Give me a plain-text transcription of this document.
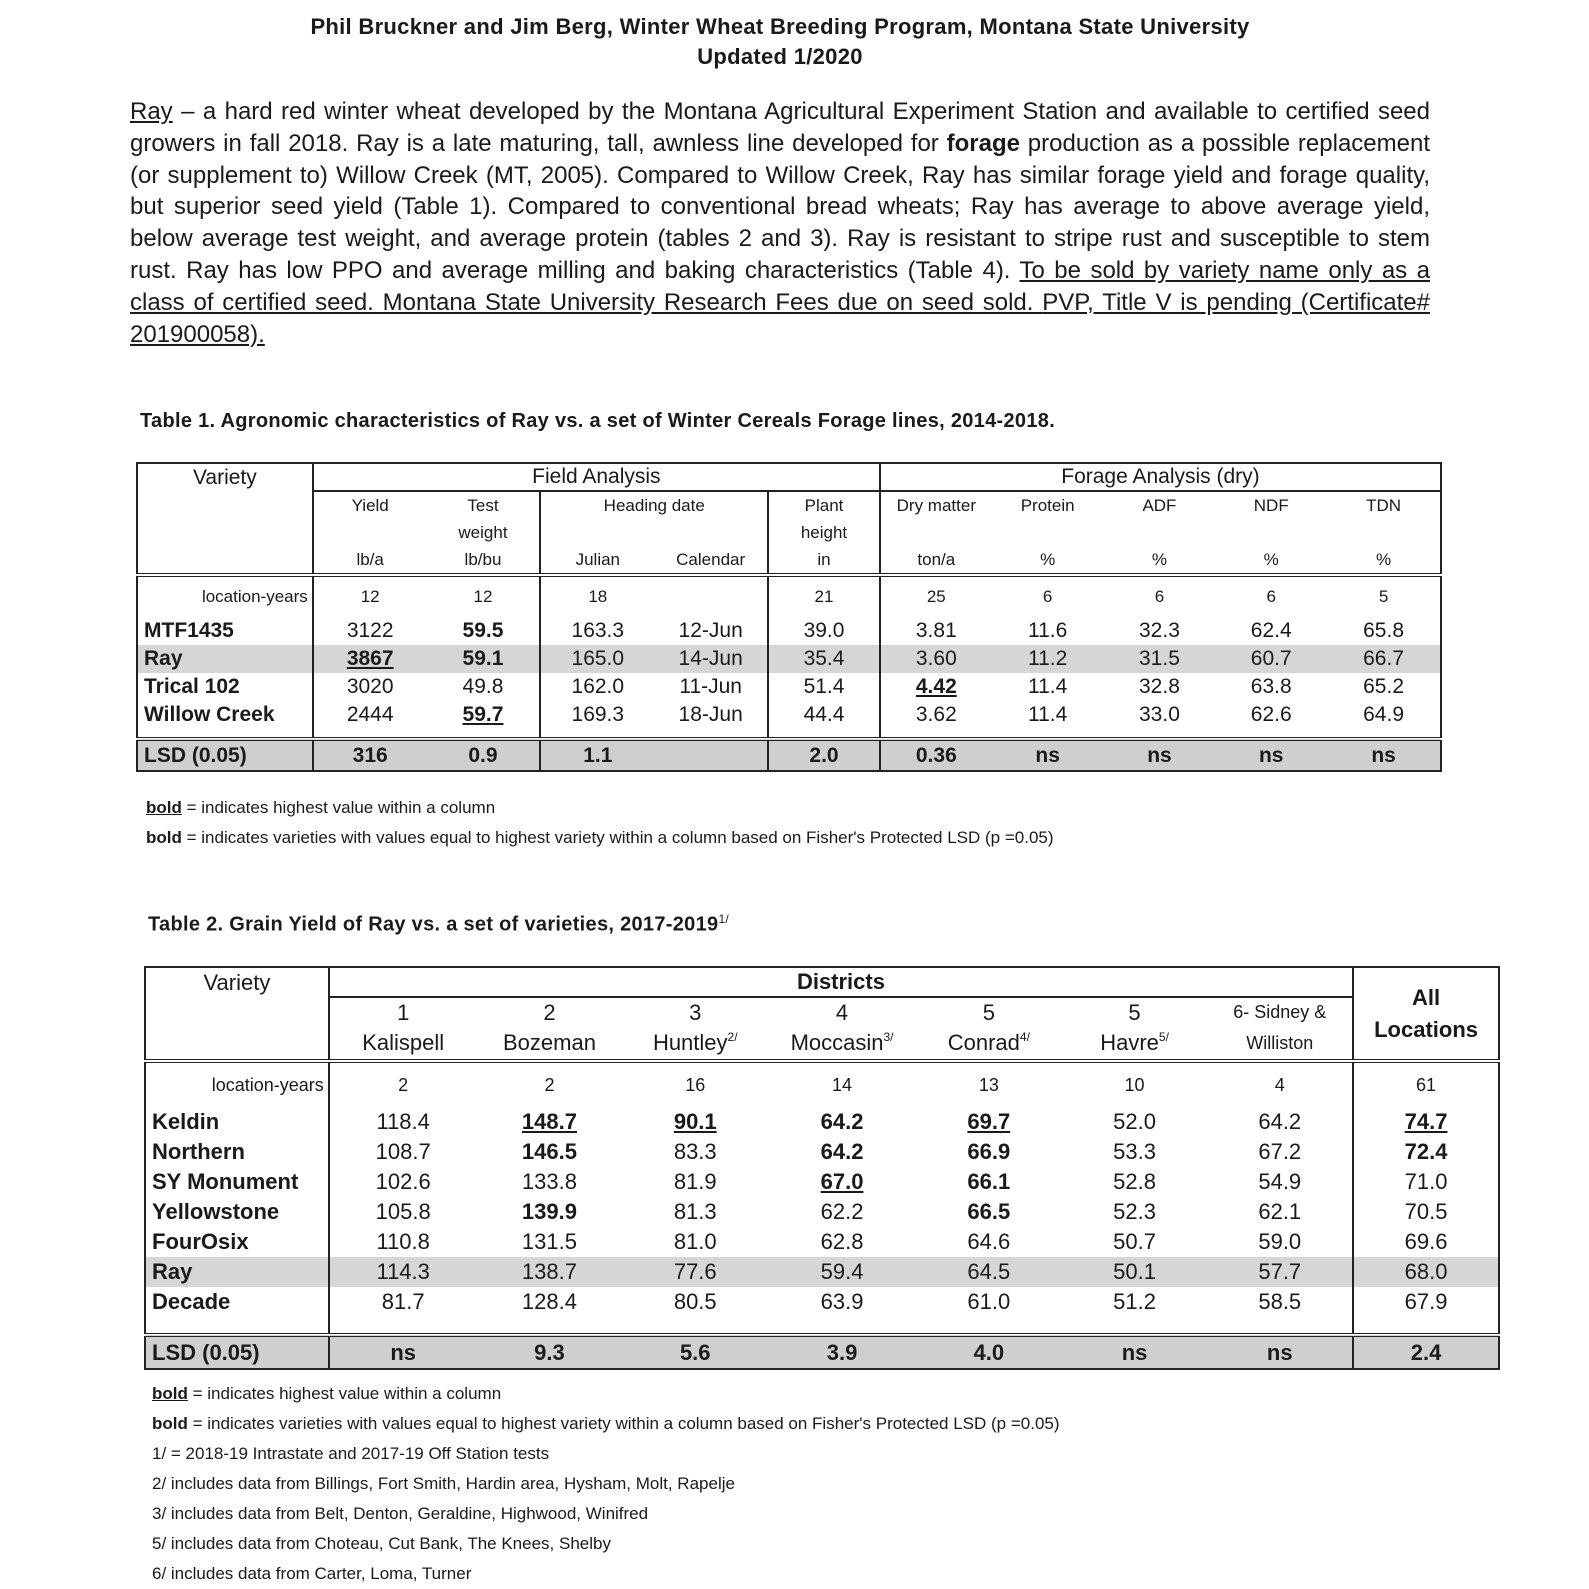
Phil Bruckner and Jim Berg, Winter Wheat Breeding Program, Montana State University
Updated 1/2020
Ray – a hard red winter wheat developed by the Montana Agricultural Experiment Station and available to certified seed growers in fall 2018. Ray is a late maturing, tall, awnless line developed for forage production as a possible replacement (or supplement to) Willow Creek (MT, 2005). Compared to Willow Creek, Ray has similar forage yield and forage quality, but superior seed yield (Table 1). Compared to conventional bread wheats; Ray has average to above average yield, below average test weight, and average protein (tables 2 and 3). Ray is resistant to stripe rust and susceptible to stem rust. Ray has low PPO and average milling and baking characteristics (Table 4). To be sold by variety name only as a class of certified seed. Montana State University Research Fees due on seed sold. PVP, Title V is pending (Certificate# 201900058).
Table 1. Agronomic characteristics of Ray vs. a set of Winter Cereals Forage lines, 2014-2018.
Variety	Field Analysis					Forage Analysis (dry)				
	Yield	Test	Heading date		Plant	Dry matter	Protein	ADF	NDF	TDN
		weight			height					
	lb/a	lb/bu	Julian	Calendar	in	ton/a	%	%	%	%
location-years	12	12	18		21	25	6	6	6	5
MTF1435	3122	59.5	163.3	12-Jun	39.0	3.81	11.6	32.3	62.4	65.8
Ray	3867	59.1	165.0	14-Jun	35.4	3.60	11.2	31.5	60.7	66.7
Trical 102	3020	49.8	162.0	11-Jun	51.4	4.42	11.4	32.8	63.8	65.2
Willow Creek	2444	59.7	169.3	18-Jun	44.4	3.62	11.4	33.0	62.6	64.9

LSD (0.05)	316	0.9	1.1		2.0	0.36	ns	ns	ns	ns
bold = indicates highest value within a column
bold = indicates varieties with values equal to highest variety within a column based on Fisher's Protected LSD (p =0.05)
Table 2. Grain Yield of Ray vs. a set of varieties, $2017-2019^{1/}$
Variety	Districts							All
Locations

	1	2	3	4	5	5	6- Sidney &	
	Kalispell	Bozeman	Huntley$^{2/}$	Moccasin$^{3/}$	Conrad$^{4/}$	Havre$^{5/}$	Williston	
location-years	2	2	16	14	13	10	4	61
Keldin	118.4	148.7	90.1	64.2	69.7	52.0	64.2	74.7
Northern	108.7	146.5	83.3	64.2	66.9	53.3	67.2	72.4
SY Monument	102.6	133.8	81.9	67.0	66.1	52.8	54.9	71.0
Yellowstone	105.8	139.9	81.3	62.2	66.5	52.3	62.1	70.5
FourOsix	110.8	131.5	81.0	62.8	64.6	50.7	59.0	69.6
Ray	114.3	138.7	77.6	59.4	64.5	50.1	57.7	68.0
Decade	81.7	128.4	80.5	63.9	61.0	51.2	58.5	67.9

LSD (0.05)	ns	9.3	5.6	3.9	4.0	ns	ns	2.4
bold = indicates highest value within a column
bold = indicates varieties with values equal to highest variety within a column based on Fisher's Protected LSD (p =0.05)
1/ = 2018-19 Intrastate and 2017-19 Off Station tests
2/ includes data from Billings, Fort Smith, Hardin area, Hysham, Molt, Rapelje
3/ includes data from Belt, Denton, Geraldine, Highwood, Winifred
5/ includes data from Choteau, Cut Bank, The Knees, Shelby
6/ includes data from Carter, Loma, Turner
